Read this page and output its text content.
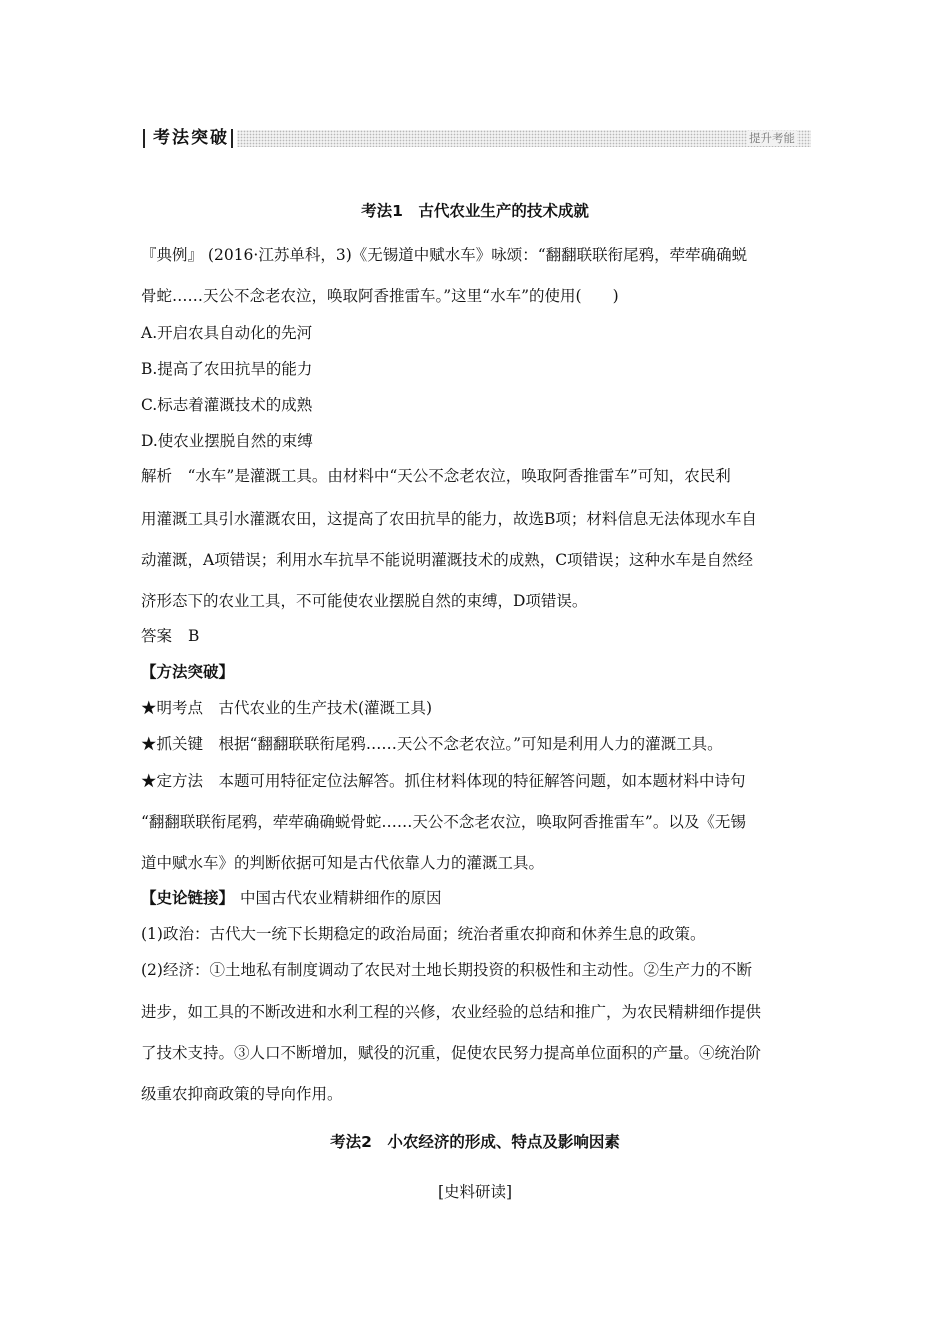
考法突破	提升考能
考法1　古代农业生产的技术成就
『典例』 (2016·江苏单科，3)《无锡道中赋水车》咏颂：“翻翻联联衔尾鸦，荦荦确确蜕
骨蛇……天公不念老农泣，唤取阿香推雷车。”这里“水车”的使用(　　)
A.开启农具自动化的先河
B.提高了农田抗旱的能力
C.标志着灌溉技术的成熟
D.使农业摆脱自然的束缚
解析　“水车”是灌溉工具。由材料中“天公不念老农泣，唤取阿香推雷车”可知，农民利
用灌溉工具引水灌溉农田，这提高了农田抗旱的能力，故选B项；材料信息无法体现水车自
动灌溉，A项错误；利用水车抗旱不能说明灌溉技术的成熟，C项错误；这种水车是自然经
济形态下的农业工具，不可能使农业摆脱自然的束缚，D项错误。
答案 B
【方法突破】
★明考点　古代农业的生产技术(灌溉工具)
★抓关键　根据“翻翻联联衔尾鸦……天公不念老农泣。”可知是利用人力的灌溉工具。
★定方法　本题可用特征定位法解答。抓住材料体现的特征解答问题，如本题材料中诗句
“翻翻联联衔尾鸦，荦荦确确蜕骨蛇……天公不念老农泣，唤取阿香推雷车”。以及《无锡
道中赋水车》的判断依据可知是古代依靠人力的灌溉工具。
【史论链接】 中国古代农业精耕细作的原因
(1)政治：古代大一统下长期稳定的政治局面；统治者重农抑商和休养生息的政策。
(2)经济：①土地私有制度调动了农民对土地长期投资的积极性和主动性。②生产力的不断
进步，如工具的不断改进和水利工程的兴修，农业经验的总结和推广，为农民精耕细作提供
了技术支持。③人口不断增加，赋役的沉重，促使农民努力提高单位面积的产量。④统治阶
级重农抑商政策的导向作用。
考法2　小农经济的形成、特点及影响因素
[史料研读]
